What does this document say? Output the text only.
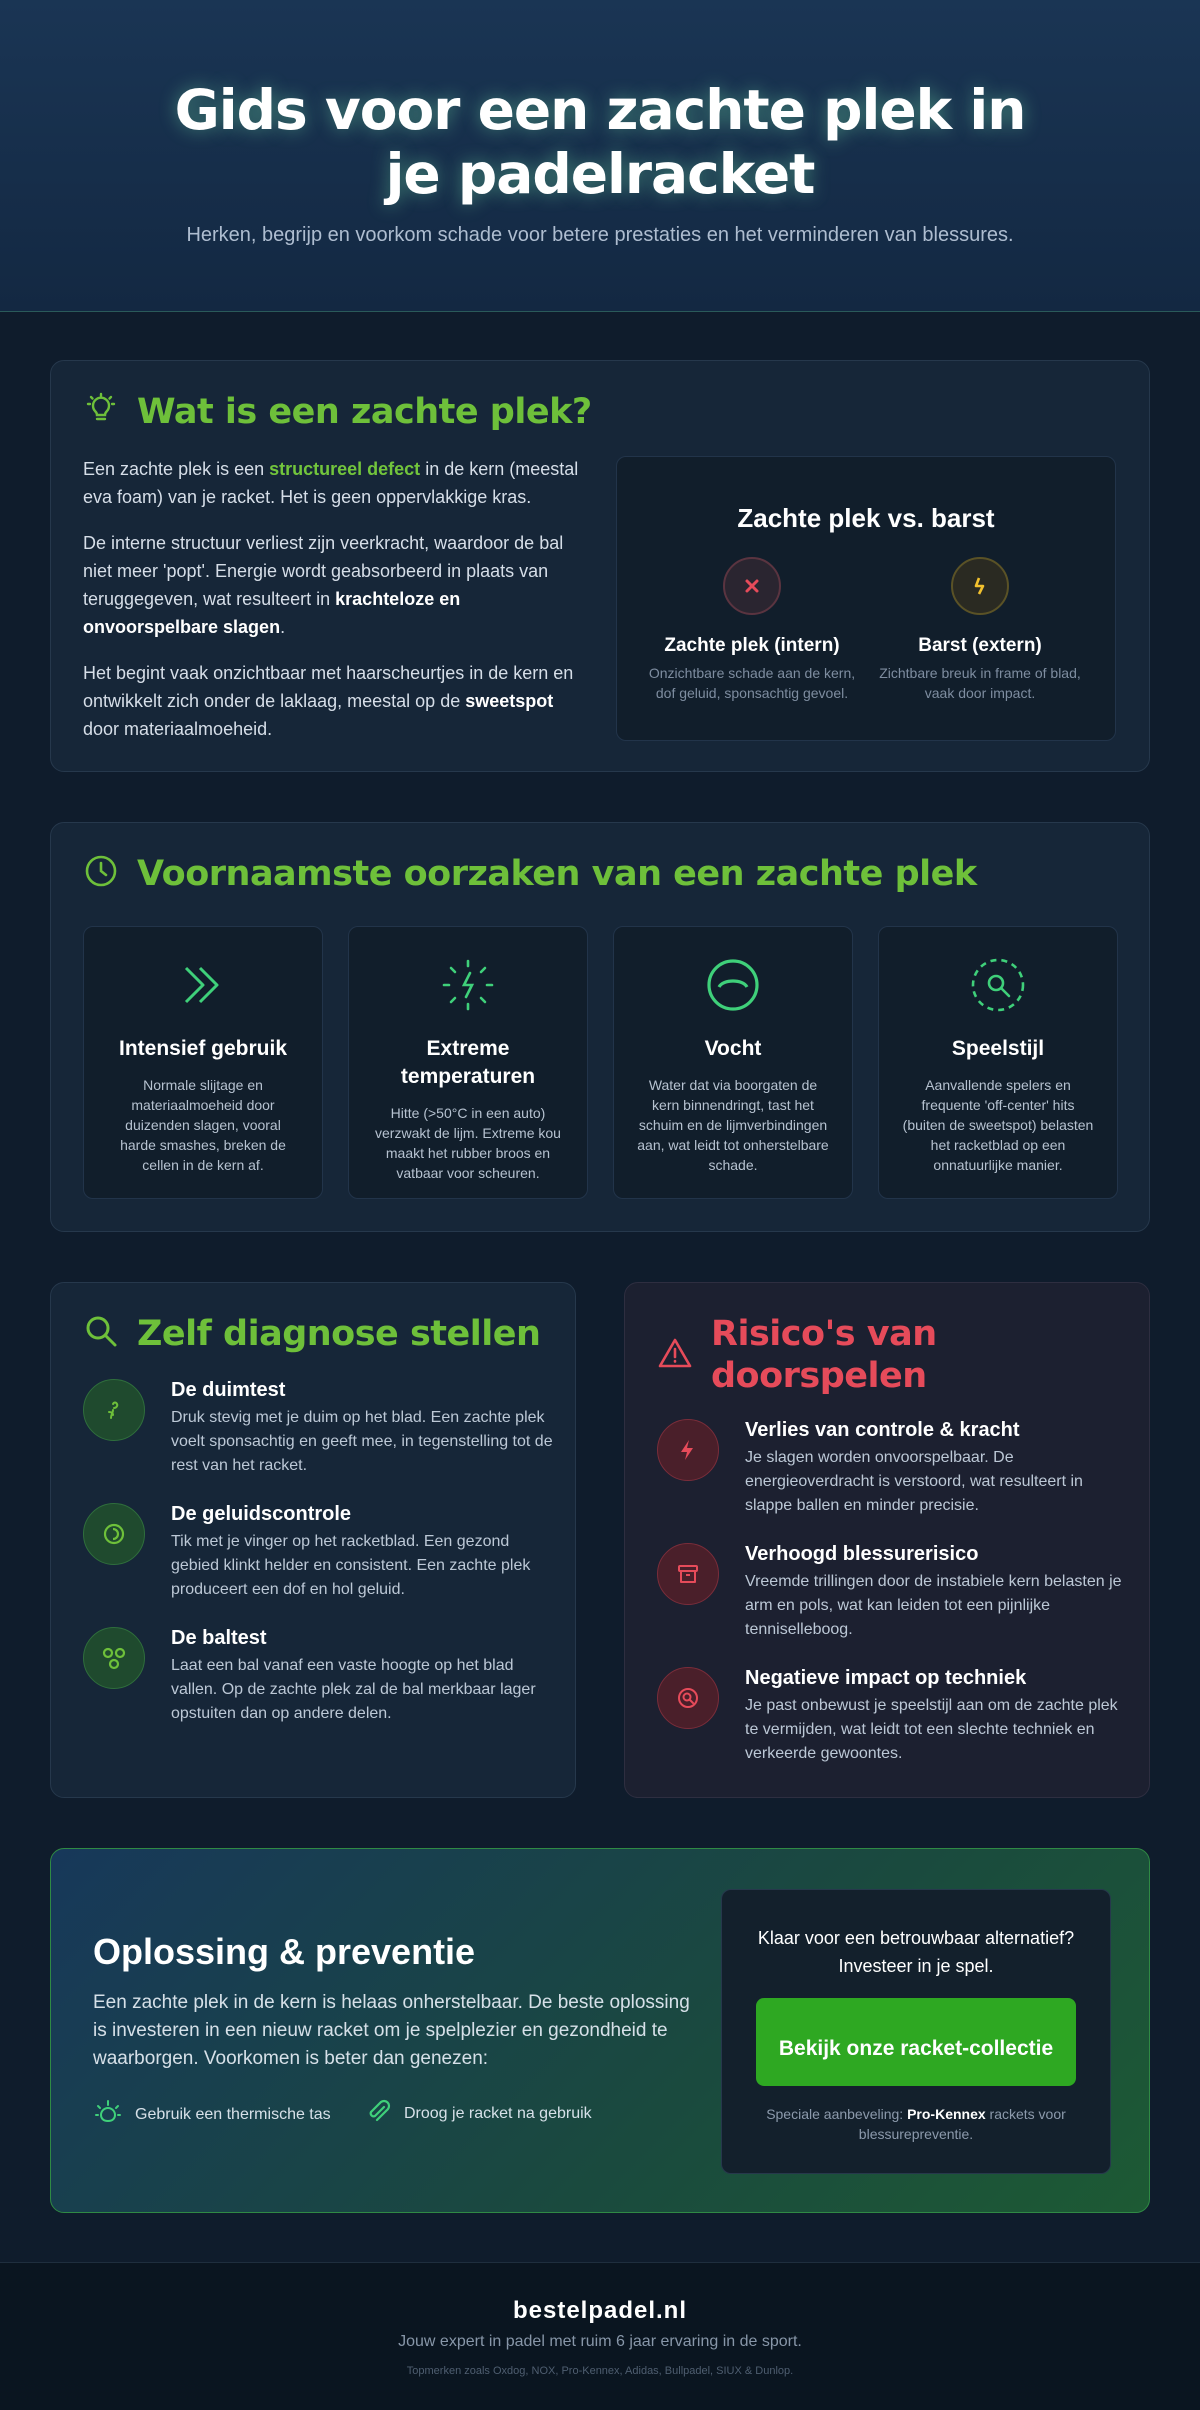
Gids voor een zachte plek in je padelracket

Herken, begrijp en voorkom schade voor betere prestaties en het verminderen van blessures.

Wat is een zachte plek?

Een zachte plek is een structureel defect in de kern (meestal eva foam) van je racket. Het is geen oppervlakkige kras.

De interne structuur verliest zijn veerkracht, waardoor de bal niet meer 'popt'. Energie wordt geabsorbeerd in plaats van teruggegeven, wat resulteert in krachteloze en onvoorspelbare slagen.

Het begint vaak onzichtbaar met haarscheurtjes in de kern en ontwikkelt zich onder de laklaag, meestal op de sweetspot door materiaalmoeheid.

Zachte plek vs. barst
Zachte plek (intern)

Onzichtbare schade aan de kern, dof geluid, sponsachtig gevoel.

Barst (extern)

Zichtbare breuk in frame of blad, vaak door impact.

Voornaamste oorzaken van een zachte plek
Intensief gebruik

Normale slijtage en materiaalmoeheid door duizenden slagen, vooral harde smashes, breken de cellen in de kern af.

Extreme temperaturen

Hitte (>50°C in een auto) verzwakt de lijm. Extreme kou maakt het rubber broos en vatbaar voor scheuren.

Vocht

Water dat via boorgaten de kern binnendringt, tast het schuim en de lijmverbindingen aan, wat leidt tot onherstelbare schade.

Speelstijl

Aanvallende spelers en frequente 'off-center' hits (buiten de sweetspot) belasten het racketblad op een onnatuurlijke manier.

Zelf diagnose stellen
De duimtest

Druk stevig met je duim op het blad. Een zachte plek voelt sponsachtig en geeft mee, in tegenstelling tot de rest van het racket.

De geluidscontrole

Tik met je vinger op het racketblad. Een gezond gebied klinkt helder en consistent. Een zachte plek produceert een dof en hol geluid.

De baltest

Laat een bal vanaf een vaste hoogte op het blad vallen. Op de zachte plek zal de bal merkbaar lager opstuiten dan op andere delen.

Risico's van doorspelen
Verlies van controle & kracht

Je slagen worden onvoorspelbaar. De energieoverdracht is verstoord, wat resulteert in slappe ballen en minder precisie.

Verhoogd blessurerisico

Vreemde trillingen door de instabiele kern belasten je arm en pols, wat kan leiden tot een pijnlijke tenniselleboog.

Negatieve impact op techniek

Je past onbewust je speelstijl aan om de zachte plek te vermijden, wat leidt tot een slechte techniek en verkeerde gewoontes.

Oplossing & preventie

Een zachte plek in de kern is helaas onherstelbaar. De beste oplossing is investeren in een nieuw racket om je spelplezier en gezondheid te waarborgen. Voorkomen is beter dan genezen:

Gebruik een thermische tas	Droog je racket na gebruik

Klaar voor een betrouwbaar alternatief? Investeer in je spel.

Bekijk onze racket-collectie

Speciale aanbeveling: Pro-Kennex rackets voor blessurepreventie.

bestelpadel.nl
Jouw expert in padel met ruim 6 jaar ervaring in de sport.
Topmerken zoals Oxdog, NOX, Pro-Kennex, Adidas, Bullpadel, SIUX & Dunlop.
